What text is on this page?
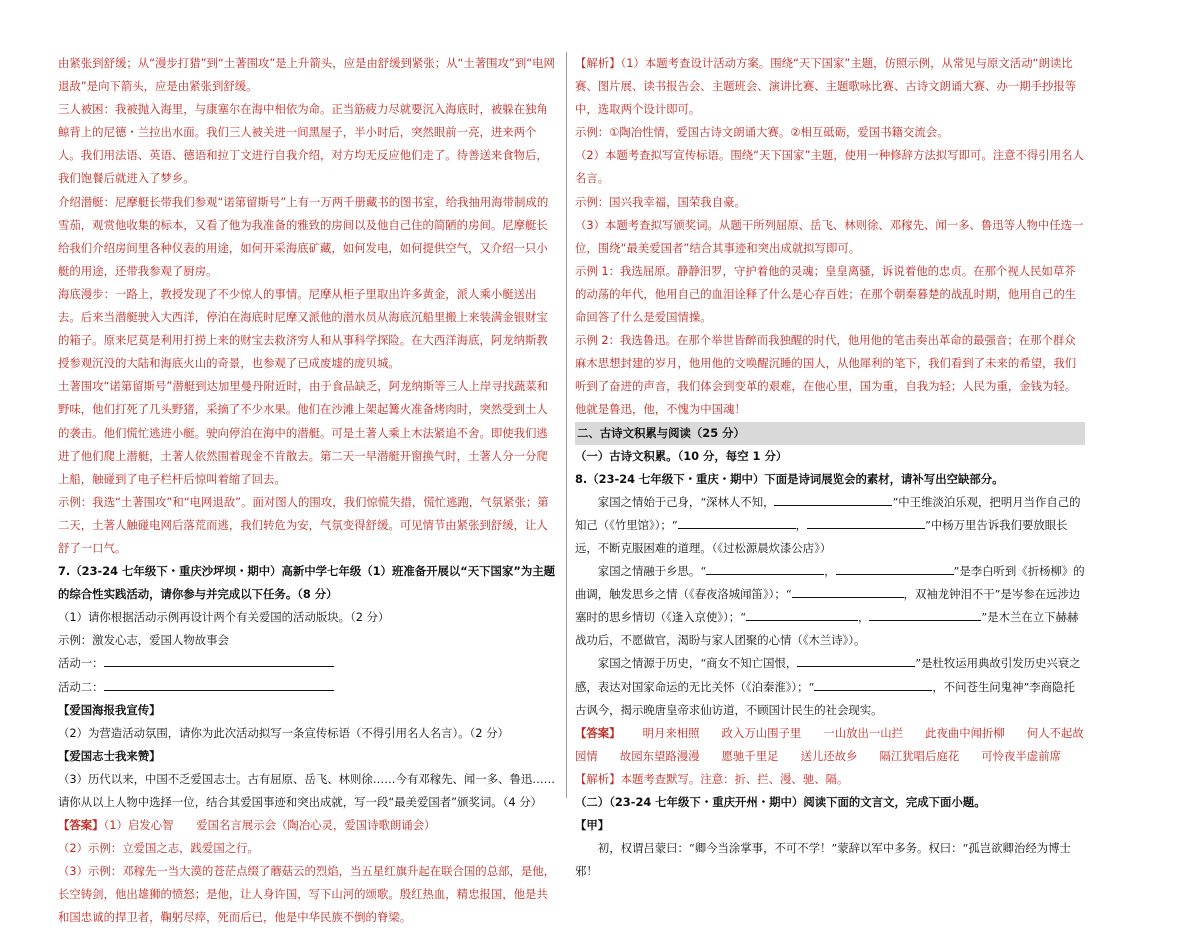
由紧张到舒缓；从“漫步打猎”到“土著围攻”是上升箭头，应是由舒缓到紧张；从“土著围攻”到“电网退敌”是向下箭头，应是由紧张到舒缓。

三人被困：我被抛入海里，与康塞尔在海中相依为命。正当筋疲力尽就要沉入海底时，被躲在独角鲸背上的尼德・兰拉出水面。我们三人被关进一间黑屋子，半小时后，突然眼前一亮，进来两个人。我们用法语、英语、德语和拉丁文进行自我介绍，对方均无反应他们走了。待善送来食物后，我们饱餐后就进入了梦乡。

介绍潜艇：尼摩艇长带我们参观“诺第留斯号”上有一万两千册藏书的图书室，给我抽用海带制成的雪茄，观赏他收集的标本，又看了他为我准备的雅致的房间以及他自己住的简陋的房间。尼摩艇长给我们介绍房间里各种仪表的用途，如何开采海底矿藏，如何发电，如何提供空气，又介绍一只小艇的用途，还带我参观了厨房。

海底漫步：一路上，教授发现了不少惊人的事情。尼摩从柜子里取出许多黄金，派人乘小艇送出去。后来当潜艇驶入大西洋，停泊在海底时尼摩又派他的潜水员从海底沉船里搬上来装满金银财宝的箱子。原来尼莫是利用打捞上来的财宝去救济穷人和从事科学探险。在大西洋海底，阿龙纳斯教授参观沉没的大陆和海底火山的奇景，也参观了已成废墟的庞贝城。

土著围攻“诺第留斯号”潜艇到达加里曼丹附近时，由于食品缺乏，阿龙纳斯等三人上岸寻找蔬菜和野味，他们打死了几头野猪，采摘了不少水果。他们在沙滩上架起篝火准备烤肉时，突然受到土人的袭击。他们慌忙逃进小艇。驶向停泊在海中的潜艇。可是土著人乘上木法紧追不舍。即使我们逃进了他们爬上潜艇，土著人依然围着现金不肯散去。第二天一早潜艇开窗换气时，土著人分一分爬上船，触碰到了电子栏杆后惊叫着缩了回去。

示例：我选“土著围攻”和“电网退敌”。面对图人的围攻，我们惊慌失措，慌忙逃跑，气氛紧张；第二天，土著人触碰电网后落荒而逃，我们转危为安，气氛变得舒缓。可见情节由紧张到舒缓，让人舒了一口气。

7.（23-24 七年级下・重庆沙坪坝・期中）高新中学七年级（1）班准备开展以“天下国家”为主题的综合性实践活动，请你参与并完成以下任务。（8 分）

（1）请你根据活动示例再设计两个有关爱国的活动版块。（2 分）

示例：激发心志，爱国人物故事会

活动一：

活动二：

【爱国海报我宣传】

（2）为营造活动氛围，请你为此次活动拟写一条宣传标语（不得引用名人名言）。（2 分）

【爱国志士我来赞】

（3）历代以来，中国不乏爱国志士。古有屈原、岳飞、林则徐……今有邓稼先、闻一多、鲁迅……请你从以上人物中选择一位，结合其爱国事迹和突出成就，写一段“最美爱国者”颁奖词。（4 分）

【答案】（1）启发心智　　爱国名言展示会（陶冶心灵，爱国诗歌朗诵会）

（2）示例：立爱国之志，践爱国之行。

（3）示例：邓稼先一当大漠的苍茫点缀了蘑菇云的烈焰，当五星红旗升起在联合国的总部，是他，长空铸剑，他出雄狮的愤怒；是他，让人身许国，写下山河的颂歌。殷红热血，精忠报国，他是共和国忠诚的捍卫者，鞠躬尽瘁，死而后已，他是中华民族不倒的脊梁。

【解析】（1）本题考查设计活动方案。围绕“天下国家”主题，仿照示例，从常见与原文活动“朗读比赛、图片展、读书报告会、主题班会、演讲比赛、主题歌咏比赛、古诗文朗诵大赛、办一期手抄报等中，选取两个设计即可。

示例：①陶冶性情，爱国古诗文朗诵大赛。②相互砥砺，爱国书籍交流会。

（2）本题考查拟写宣传标语。围绕“天下国家”主题，使用一种修辞方法拟写即可。注意不得引用名人名言。

示例：国兴我幸福，国荣我自豪。

（3）本题考查拟写颁奖词。从题干所列屈原、岳飞、林则徐、邓稼先、闻一多、鲁迅等人物中任选一位，围绕“最美爱国者”结合其事迹和突出成就拟写即可。

示例 1：我选屈原。静静汨罗，守护着他的灵魂；皇皇离骚，诉说着他的忠贞。在那个视人民如草芥的动荡的年代，他用自己的血泪诠释了什么是心存百姓；在那个朝秦暮楚的战乱时期，他用自己的生命回答了什么是爱国情操。

示例 2：我选鲁迅。在那个举世皆醉而我独醒的时代，他用他的笔击奏出革命的最强音；在那个群众麻木思想封建的岁月，他用他的文唤醒沉睡的国人，从他犀利的笔下，我们看到了未来的希望，我们听到了奋进的声音，我们体会到变革的艰难，在他心里，国为重，自我为轻；人民为重，金钱为轻。他就是鲁迅，他，不愧为中国魂！

二、古诗文积累与阅读（25 分）

（一）古诗文积累。（10 分，每空 1 分）

8.（23-24 七年级下・重庆・期中）下面是诗词展览会的素材，请补写出空缺部分。

家国之情始于己身，“深林人不知，	”中王维淡泊乐观，把明月当作自己的知己（《竹里馆》）；“	，	”中杨万里告诉我们要放眼长远，不断克服困难的道理。（《过松源晨炊漆公店》）

家国之情融于乡思。“	，	”是李白听到《折杨柳》的曲调，触发思乡之情（《春夜洛城闻笛》）；“	，双袖龙钟泪不干”是岑参在远涉边塞时的思乡情切（《逢入京使》）；“	，	”是木兰在立下赫赫战功后，不愿做官，渴盼与家人团聚的心情（《木兰诗》）。

家国之情源于历史，“商女不知亡国恨，	”是杜牧运用典故引发历史兴衰之感，表达对国家命运的无比关怀（《泊秦淮》）；“	，不问苍生问鬼神”李商隐托古讽今，揭示晚唐皇帝求仙访道，不顾国计民生的社会现实。

【答案】 明月来相照 政入万山围子里 一山放出一山拦 此夜曲中闻折柳 何人不起故园情 故园东望路漫漫 愿驰千里足 送儿还故乡 隔江犹唱后庭花 可怜夜半虚前席

【解析】本题考查默写。注意：折、拦、漫、驰、隔。

（二）（23-24 七年级下・重庆开州・期中）阅读下面的文言文，完成下面小题。

【甲】

初，权谓吕蒙曰：“卿今当涂掌事，不可不学！”蒙辞以军中多务。权曰：“孤岂欲卿治经为博士邪！
